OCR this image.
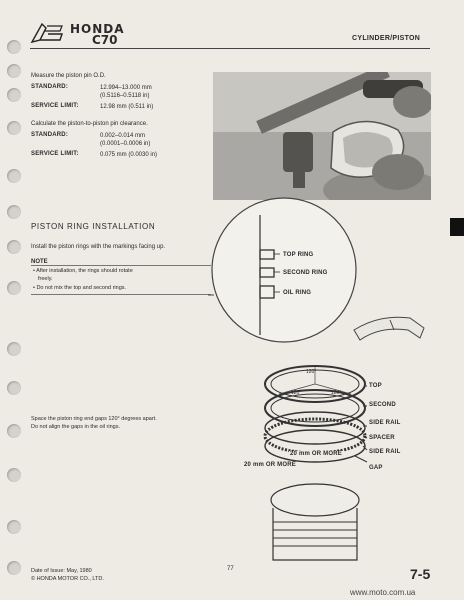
HONDA
C70	CYLINDER/PISTON
Measure the piston pin O.D.
STANDARD:	12.994–13.000 mm
(0.5116–0.5118 in)
SERVICE LIMIT:	12.98 mm (0.511 in)
Calculate the piston-to-piston pin clearance.
STANDARD:	0.002–0.014 mm
(0.0001–0.0006 in)
SERVICE LIMIT:	0.075 mm (0.0030 in)
PISTON RING INSTALLATION
Install the piston rings with the markings facing up.
NOTE
• After installation, the rings should rotate
freely.
• Do not mix the top and second rings.
TOP RING
SECOND RING
OIL RING
Space the piston ring end gaps 120° degrees apart.
Do not align the gaps in the oil rings.
120°
120°	120°
TOP
SECOND
SIDE RAIL
SPACER
SIDE RAIL
GAP
20 mm OR MORE
20 mm OR MORE
Date of Issue: May, 1980
© HONDA MOTOR CO., LTD.
77	7-5
www.moto.com.ua
